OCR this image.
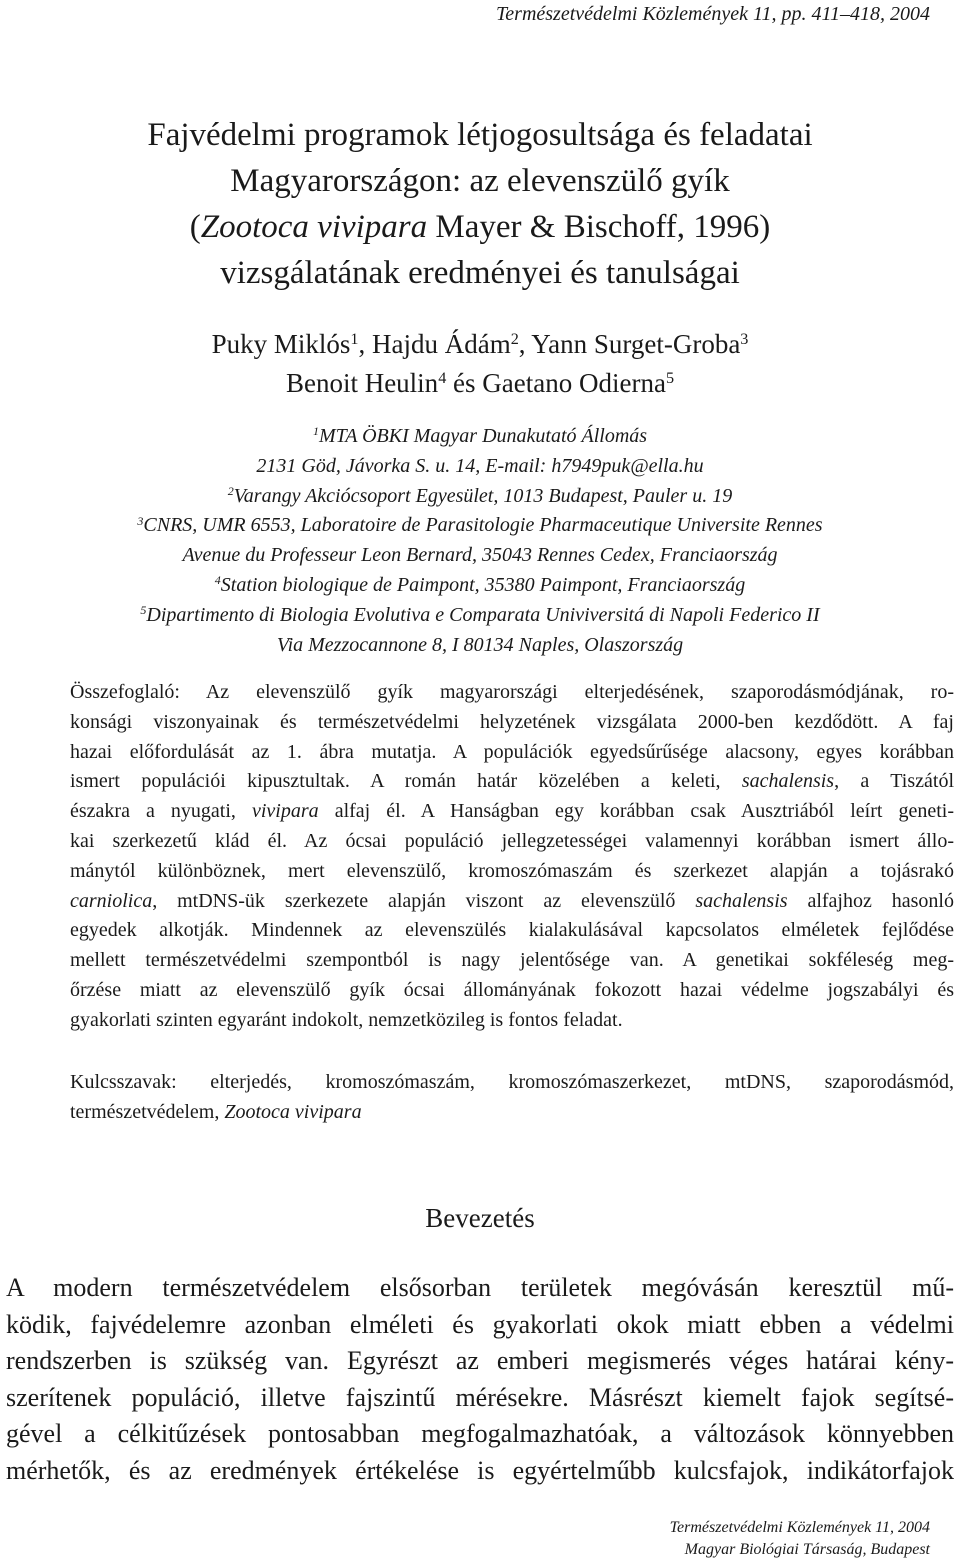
Természetvédelmi Közlemények 11, pp. 411–418, 2004
Fajvédelmi programok létjogosultsága és feladatai
Magyarországon: az elevenszülő gyík
(Zootoca vivipara Mayer & Bischoff, 1996)
vizsgálatának eredményei és tanulságai
Puky Miklós$^1$, Hajdu Ádám$^2$, Yann Surget-Groba$^3$
Benoit Heulin$^4$ és Gaetano Odierna$^5$
$^1$MTA ÖBKI Magyar Dunakutató Állomás
2131 Göd, Jávorka S. u. 14, E-mail: h7949puk@ella.hu
$^2$Varangy Akciócsoport Egyesület, 1013 Budapest, Pauler u. 19
$^3$CNRS, UMR 6553, Laboratoire de Parasitologie Pharmaceutique Universite Rennes
Avenue du Professeur Leon Bernard, 35043 Rennes Cedex, Franciaország
$^4$Station biologique de Paimpont, 35380 Paimpont, Franciaország
$^5$Dipartimento di Biologia Evolutiva e Comparata Univiversitá di Napoli Federico II
Via Mezzocannone 8, I 80134 Naples, Olaszország
Összefoglaló: Az elevenszülő gyík magyarországi elterjedésének, szaporodásmódjának, ro-
konsági viszonyainak és természetvédelmi helyzetének vizsgálata 2000-ben kezdődött. A faj
hazai előfordulását az 1. ábra mutatja. A populációk egyedsűrűsége alacsony, egyes korábban
ismert populációi kipusztultak. A román határ közelében a keleti, sachalensis, a Tiszától
északra a nyugati, vivipara alfaj él. A Hanságban egy korábban csak Ausztriából leírt geneti-
kai szerkezetű klád él. Az ócsai populáció jellegzetességei valamennyi korábban ismert állo-
mánytól különböznek, mert elevenszülő, kromoszómaszám és szerkezet alapján a tojásrakó
carniolica, mtDNS-ük szerkezete alapján viszont az elevenszülő sachalensis alfajhoz hasonló
egyedek alkotják. Mindennek az elevenszülés kialakulásával kapcsolatos elméletek fejlődése
mellett természetvédelmi szempontból is nagy jelentősége van. A genetikai sokféleség meg-
őrzése miatt az elevenszülő gyík ócsai állományának fokozott hazai védelme jogszabályi és
gyakorlati szinten egyaránt indokolt, nemzetközileg is fontos feladat.
Kulcsszavak: elterjedés, kromoszómaszám, kromoszómaszerkezet, mtDNS, szaporodásmód,
természetvédelem, Zootoca vivipara
Bevezetés
A modern természetvédelem elsősorban területek megóvásán keresztül mű-
ködik, fajvédelemre azonban elméleti és gyakorlati okok miatt ebben a védelmi
rendszerben is szükség van. Egyrészt az emberi megismerés véges határai kény-
szerítenek populáció, illetve fajszintű mérésekre. Másrészt kiemelt fajok segítsé-
gével a célkitűzések pontosabban megfogalmazhatóak, a változások könnyebben
mérhetők, és az eredmények értékelése is egyértelműbb kulcsfajok, indikátorfajok
Természetvédelmi Közlemények 11, 2004
Magyar Biológiai Társaság, Budapest
